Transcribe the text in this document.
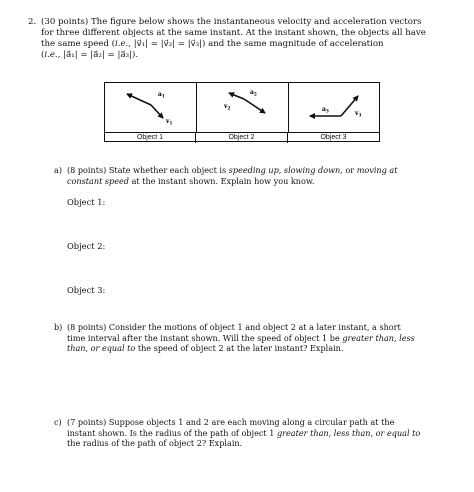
2. (30 points) The figure below shows the instantaneous velocity and acceleration vectors
for three different objects at the same instant. At the instant shown, the objects all have
the same speed (i.e., |v⃗₁| = |v⃗₂| = |v⃗₃|) and the same magnitude of acceleration
(i.e., |a⃗₁| = |a⃗₂| = |a⃗₃|).
$a_1$
$v_1$
$a_2$
$v_2$	$a_3$	$v_3$
Object 1	Object 2	Object 3
a) (8 points) State whether each object is speeding up, slowing down, or moving at
constant speed at the instant shown. Explain how you know.
Object 1:
Object 2:
Object 3:
b) (8 points) Consider the motions of object 1 and object 2 at a later instant, a short
time interval after the instant shown. Will the speed of object 1 be greater than, less
than, or equal to the speed of object 2 at the later instant? Explain.
c) (7 points) Suppose objects 1 and 2 are each moving along a circular path at the
instant shown. Is the radius of the path of object 1 greater than, less than, or equal to
the radius of the path of object 2? Explain.
